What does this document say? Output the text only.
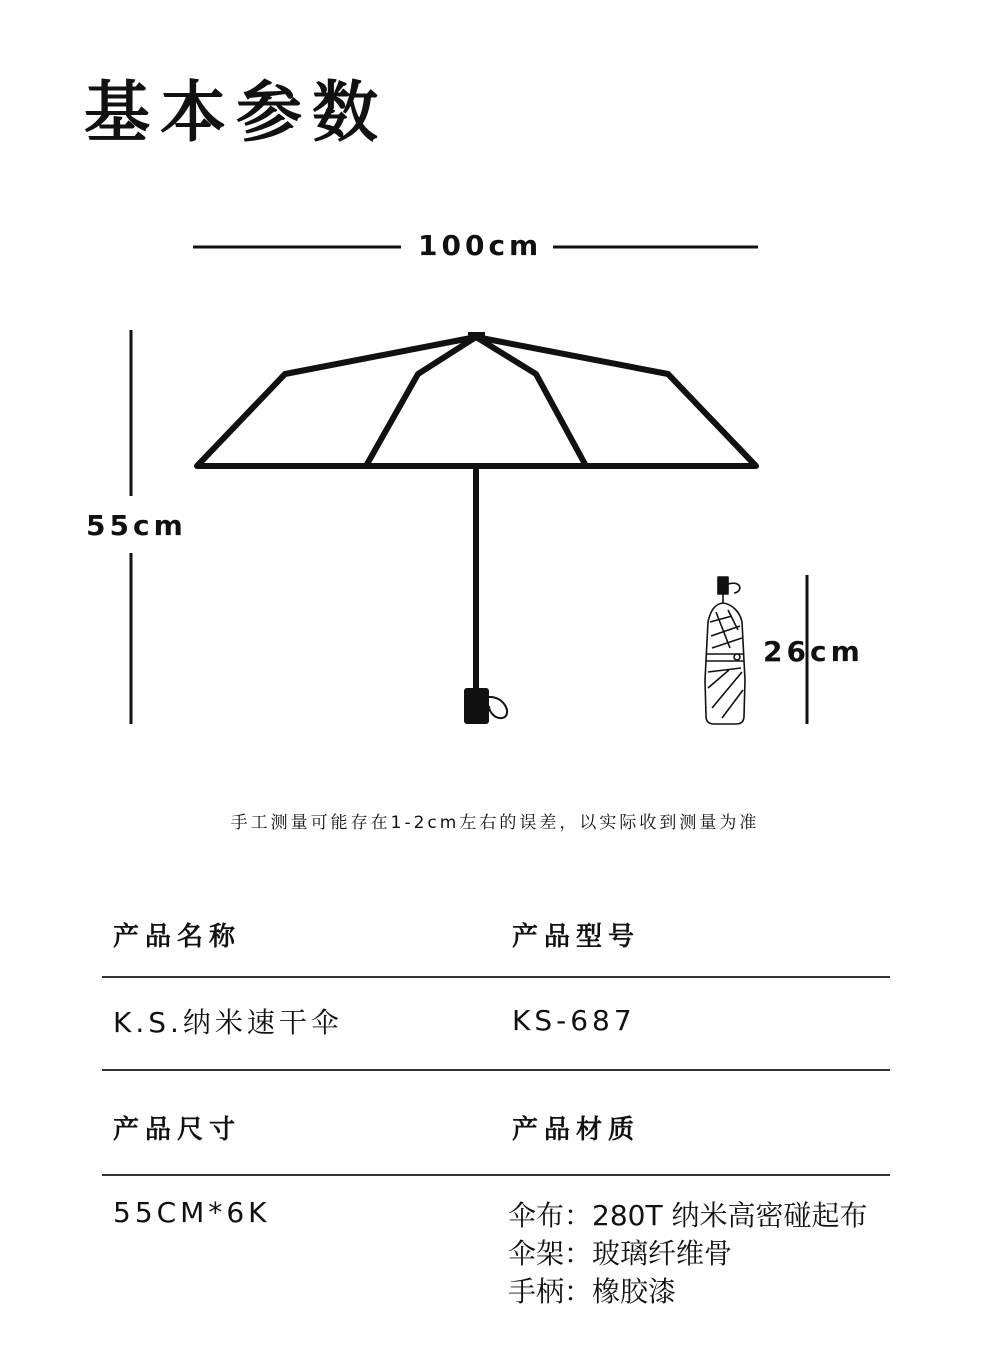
基本参数
100cm
55cm
26cm
手工测量可能存在1-2cm左右的误差，以实际收到测量为准
产品名称	产品型号
K.S.纳米速干伞	KS-687
产品尺寸	产品材质
55CM*6K	伞布：280T 纳米高密碰起布
伞架：玻璃纤维骨
手柄：橡胶漆
